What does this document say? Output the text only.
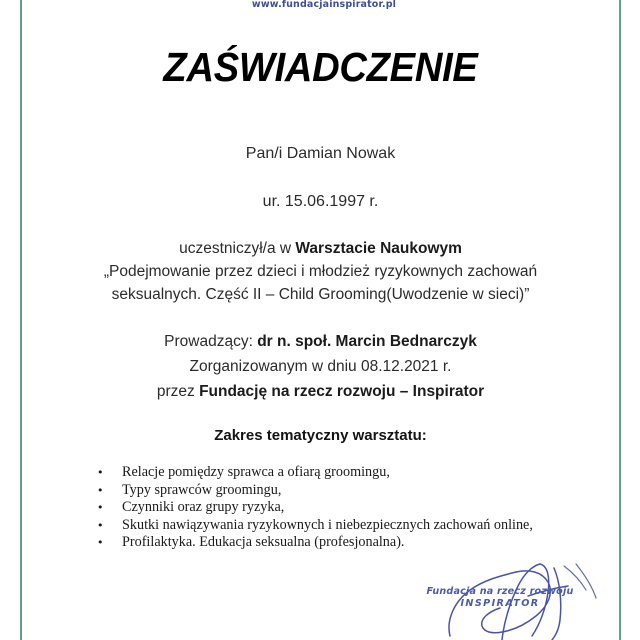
www.fundacjainspirator.pl
ZAŚWIADCZENIE
Pan/i Damian Nowak
ur. 15.06.1997 r.
uczestniczył/a w Warsztacie Naukowym
„Podejmowanie przez dzieci i młodzież ryzykownych zachowań
seksualnych. Część II – Child Grooming(Uwodzenie w sieci)”
Prowadzący: dr n. społ. Marcin Bednarczyk
Zorganizowanym w dniu 08.12.2021 r.
przez Fundację na rzecz rozwoju – Inspirator
Zakres tematyczny warsztatu:
• Relacje pomiędzy sprawca a ofiarą groomingu,
• Typy sprawców groomingu,
• Czynniki oraz grupy ryzyka,
• Skutki nawiązywania ryzykownych i niebezpiecznych zachowań online,
• Profilaktyka. Edukacja seksualna (profesjonalna).
Fundacja na rzecz rozwoju
INSPIRATOR
